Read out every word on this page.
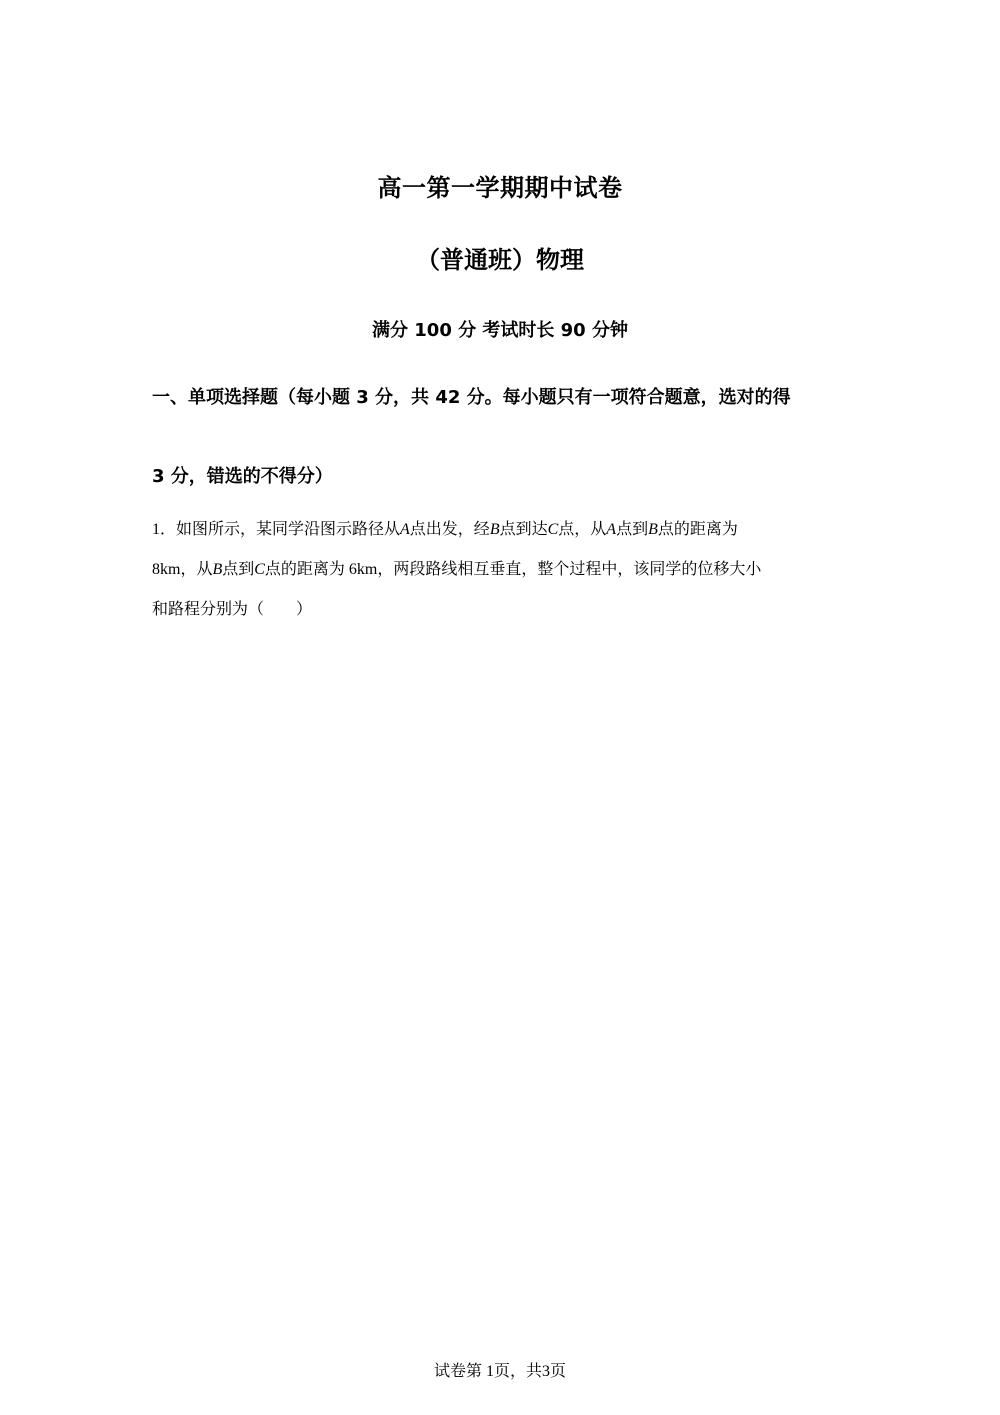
高一第一学期期中试卷
（普通班）物理
满分 100 分 考试时长 90 分钟
一、单项选择题（每小题 3 分，共 42 分。每小题只有一项符合题意，选对的得
3 分，错选的不得分）
1．如图所示，某同学沿图示路径从A点出发，经B点到达C点，从A点到B点的距离为
8km，从B点到C点的距离为 6km，两段路线相互垂直，整个过程中，该同学的位移大小
和路程分别为（　　）
试卷第 1页，共3页
